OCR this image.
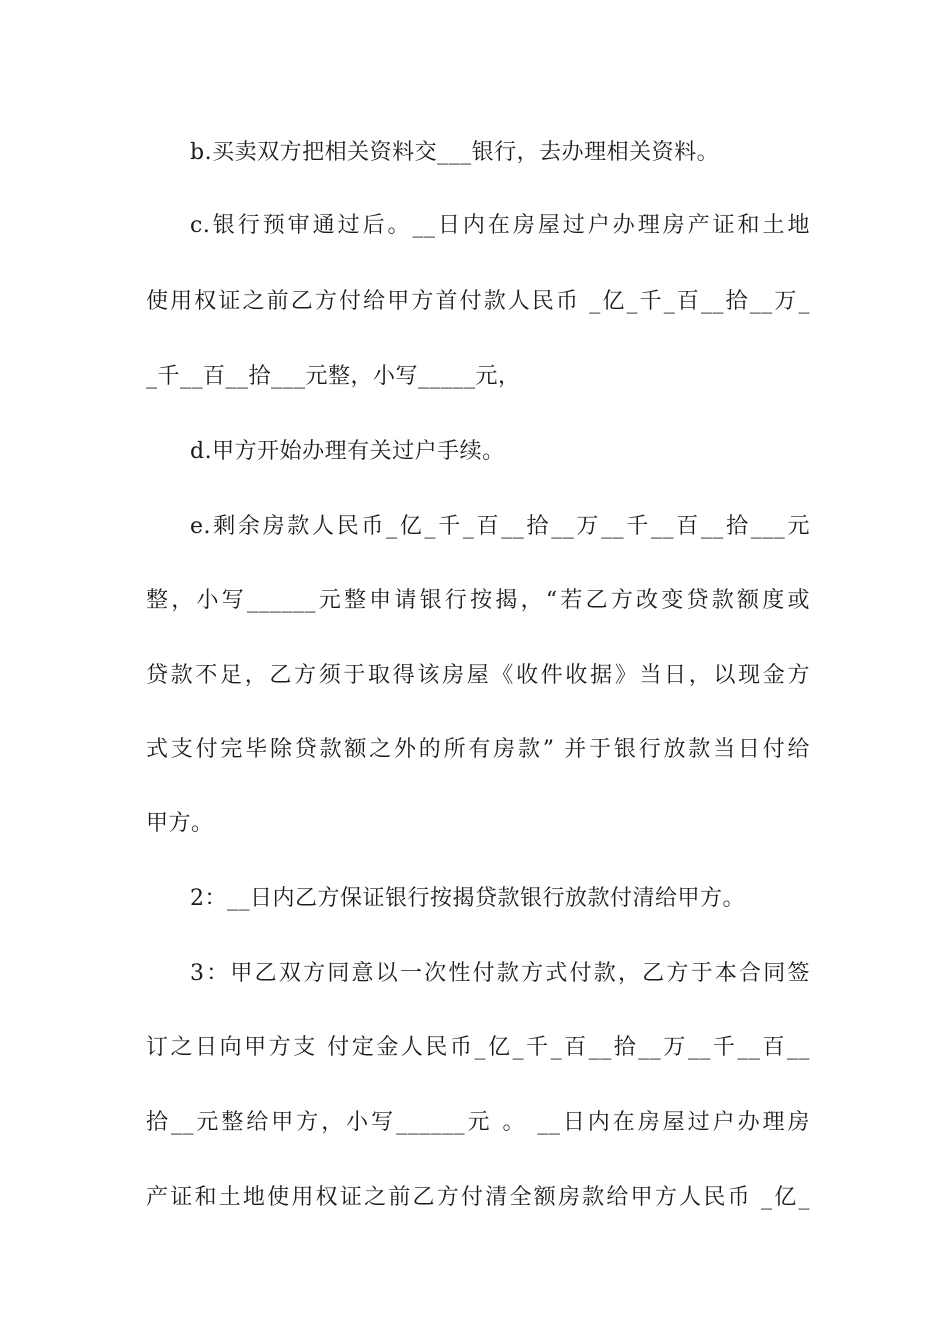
b.买卖双方把相关资料交___银行，去办理相关资料。
c.银行预审通过后。__日内在房屋过户办理房产证和土地
使用权证之前乙方付给甲方首付款人民币 _亿_千_百__拾__万_
_千__百__拾___元整，小写_____元，
d.甲方开始办理有关过户手续。
e.剩余房款人民币_亿_千_百__拾__万__千__百__拾___元
整，小写______元整申请银行按揭，“若乙方改变贷款额度或
贷款不足，乙方须于取得该房屋《收件收据》当日，以现金方
式支付完毕除贷款额之外的所有房款” 并于银行放款当日付给
甲方。
2：__日内乙方保证银行按揭贷款银行放款付清给甲方。
3：甲乙双方同意以一次性付款方式付款，乙方于本合同签
订之日向甲方支 付定金人民币_亿_千_百__拾__万__千__百__
拾__元整给甲方，小写______元 。 __日内在房屋过户办理房
产证和土地使用权证之前乙方付清全额房款给甲方人民币 _亿_
